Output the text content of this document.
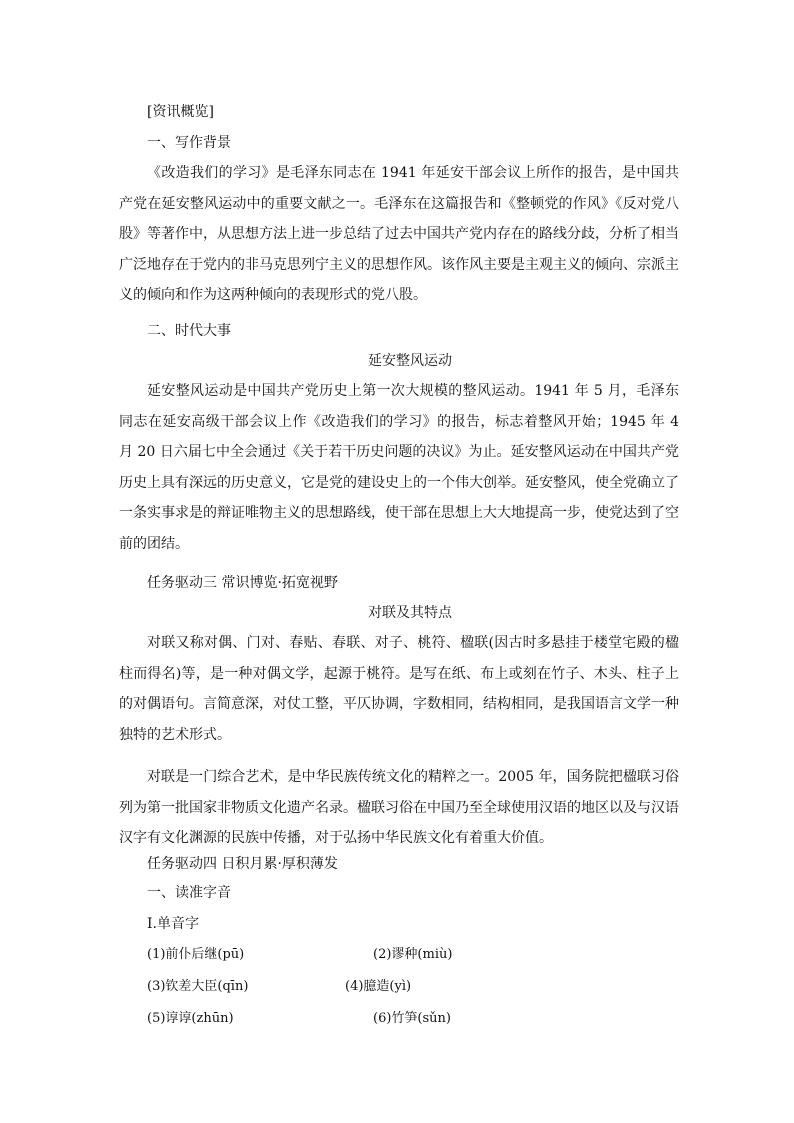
[资讯概览]
一、写作背景

《改造我们的学习》是毛泽东同志在 1941 年延安干部会议上所作的报告，是中国共产党在延安整风运动中的重要文献之一。毛泽东在这篇报告和《整顿党的作风》《反对党八股》等著作中，从思想方法上进一步总结了过去中国共产党内存在的路线分歧，分析了相当广泛地存在于党内的非马克思列宁主义的思想作风。该作风主要是主观主义的倾向、宗派主义的倾向和作为这两种倾向的表现形式的党八股。

二、时代大事
延安整风运动

延安整风运动是中国共产党历史上第一次大规模的整风运动。1941 年 5 月，毛泽东同志在延安高级干部会议上作《改造我们的学习》的报告，标志着整风开始；1945 年 4 月 20 日六届七中全会通过《关于若干历史问题的决议》为止。延安整风运动在中国共产党历史上具有深远的历史意义，它是党的建设史上的一个伟大创举。延安整风，使全党确立了一条实事求是的辩证唯物主义的思想路线，使干部在思想上大大地提高一步，使党达到了空前的团结。

任务驱动三 常识博览·拓宽视野
对联及其特点

对联又称对偶、门对、春贴、春联、对子、桃符、楹联(因古时多悬挂于楼堂宅殿的楹柱而得名)等，是一种对偶文学，起源于桃符。是写在纸、布上或刻在竹子、木头、柱子上的对偶语句。言简意深，对仗工整，平仄协调，字数相同，结构相同，是我国语言文学一种独特的艺术形式。

对联是一门综合艺术，是中华民族传统文化的精粹之一。2005 年，国务院把楹联习俗列为第一批国家非物质文化遗产名录。楹联习俗在中国乃至全球使用汉语的地区以及与汉语汉字有文化渊源的民族中传播，对于弘扬中华民族文化有着重大价值。

任务驱动四 日积月累·厚积薄发
一、读准字音
Ⅰ.单音字
(1)前仆后继(pū)	(2)谬种(miù)
(3)钦差大臣(qīn)	(4)臆造(yì)
(5)谆谆(zhūn)	(6)竹笋(sǔn)
